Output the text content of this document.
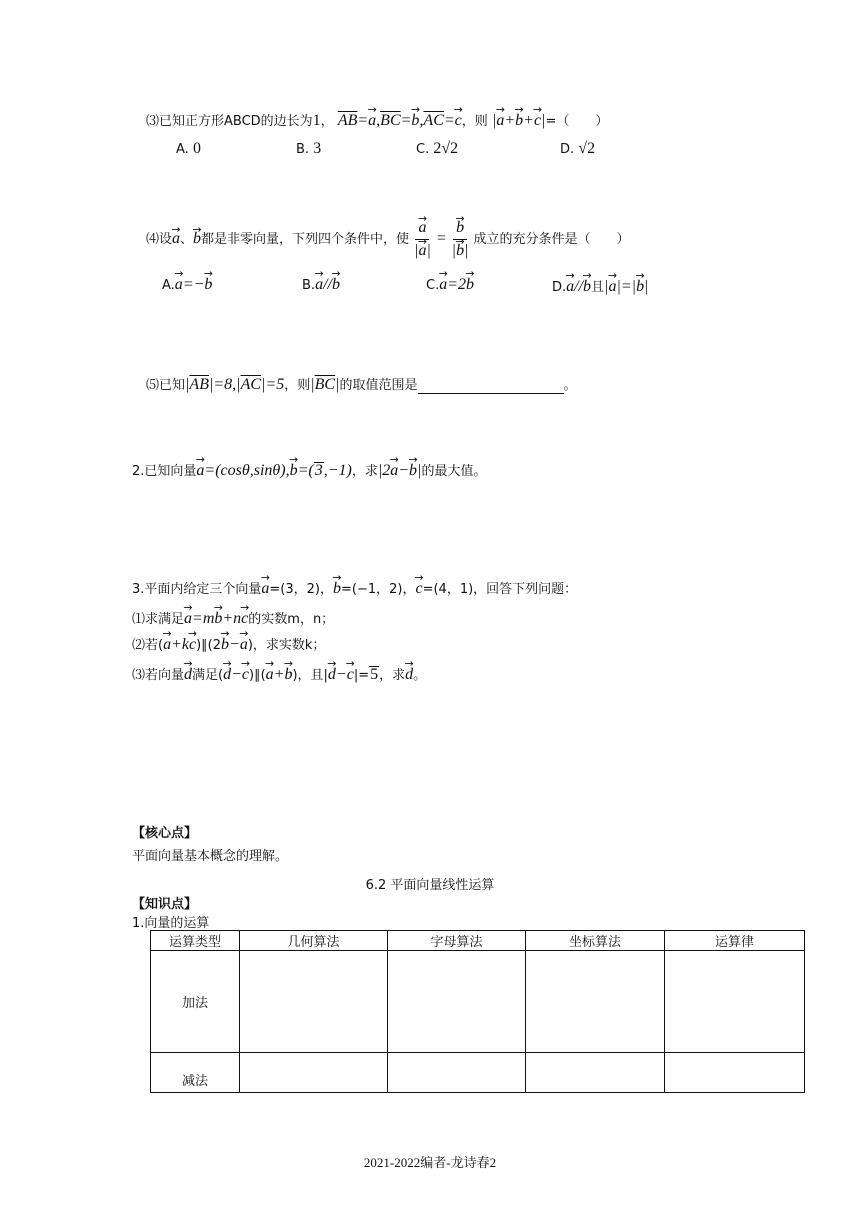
⑶已知正方形ABCD的边长为1， $\overline{AB}=\to a,\overline{BC}=\to b,\overline{AC}=\to c$，则 |→ a+→ b+→ c|=（　　）
A. 0	B. 3	C. 2√2	D. √2
⑷设→ a、→ b都是非零向量，下列四个条件中，使 → $\frac{a}{|\to a|}$ = → $\frac{b}{|\to b|}$ 成立的充分条件是（　　）
A.→ a=−→ b	B.→ a//→ b	C.→ a=2→ b	D.→ a//→ b且|→ a|=|→ b|
⑸已知$|\overline{AB}|=8,|\overline{AC}|=5$，则$|\overline{BC}|$的取值范围是	。
2.已知向量→ a=(cosθ,sinθ),→ b=(3,−1)，求|2→ a−→ b|的最大值。
3.平面内给定三个向量→ a=(3，2)，→ b=(−1，2)，→ c=(4，1)，回答下列问题：
⑴求满足→ a=m→ b+n→ c的实数m，n；
⑵若(→ a+k→ c)∥(2→ b−→ a)，求实数k；
⑶若向量→ d满足(→ d−→ c)∥(→ a+→ b)，且|→ d−→ c|=5，求→ d。
【核心点】
平面向量基本概念的理解。
6.2 平面向量线性运算
【知识点】
1.向量的运算
运算类型	几何算法	字母算法	坐标算法	运算律
加法				
减法				
2021-2022编者-龙诗春2
